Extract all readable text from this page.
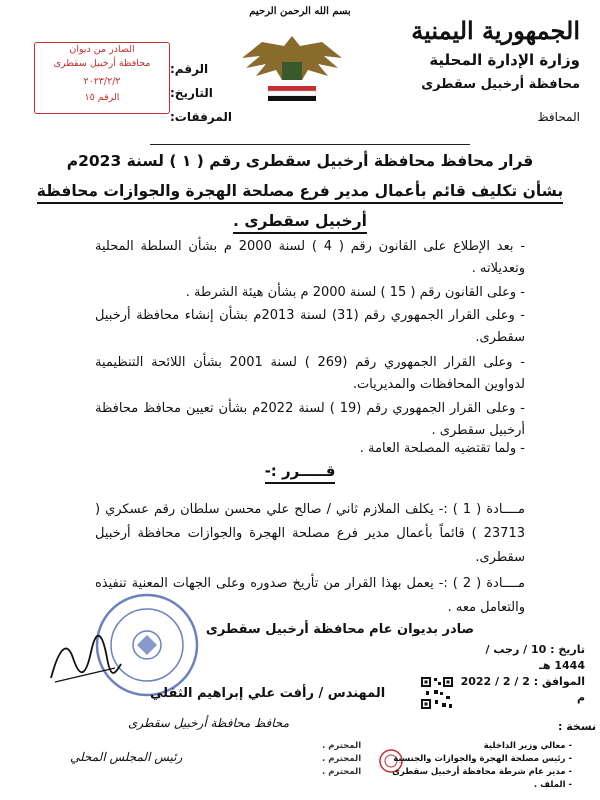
بسم الله الرحمن الرحيم
الجمهورية اليمنية
وزارة الإدارة المحلية
محافظة أرخبيل سقطرى
المحافظ
الرقم:
التاريخ:
المرفقات:
الصادر من ديوان
محافظة أرخبيل سقطرى
٢٠٢٣/٢/٢
الرقم ١٥
قرار محافظ محافظة أرخبيل سقطرى رقم ( ١ ) لسنة 2023م
بشأن تكليف قائم بأعمال مدير فرع مصلحة الهجرة والجوازات محافظة
أرخبيل سقطرى .
- بعد الإطلاع على القانون رقم ( 4 ) لسنة 2000 م بشأن السلطة المحلية وتعديلاته .
- وعلى القانون رقم ( 15 ) لسنة 2000 م بشأن هيئة الشرطة .
- وعلى القرار الجمهوري رقم (31) لسنة 2013م بشأن إنشاء محافظة أرخبيل سقطرى.
- وعلى القرار الجمهوري رقم (269 ) لسنة 2001 بشأن اللائحة التنظيمية لدواوين المحافظات والمديريات.
- وعلى القرار الجمهوري رقم (19 ) لسنة 2022م بشأن تعيين محافظ محافظة أرخبيل سقطرى .
- ولما تقتضيه المصلحة العامة .
قـــــرر :-
مــــادة ( 1 ) :- يكلف الملازم ثاني / صالح علي محسن سلطان رقم عسكري ( 23713 ) قائماً بأعمال مدير فرع مصلحة الهجرة والجوازات محافظة أرخبيل سقطرى.
مــــادة ( 2 ) :- يعمل بهذا القرار من تأريخ صدوره وعلى الجهات المعنية تنفيذه والتعامل معه .
صادر بديوان عام محافظة أرخبيل سقطرى
تاريخ : 10 / رجب / 1444 هـ
الموافق : 2 / 2 / 2022 م
المهندس / رأفت علي إبراهيم الثقلي
محافظ محافظة أرخبيل سقطرى
رئيس المجلس المحلي
نسخة :
- معالي وزير الداخلية
المحترم .
- رئيس مصلحة الهجرة والجوازات والجنسية
المحترم .
- مدير عام شرطة محافظة أرخبيل سقطرى
المحترم .
- الملف .
